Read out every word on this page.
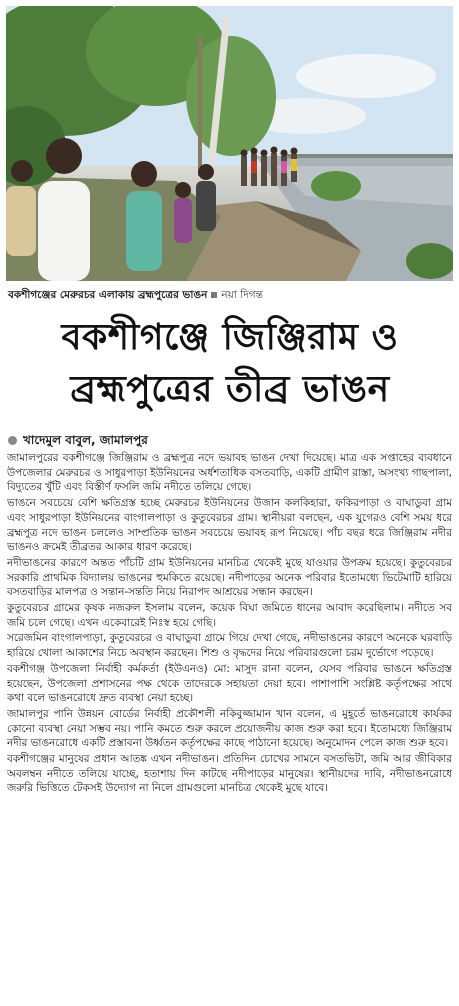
বকশীগঞ্জের মেরুরচর এলাকায় ব্রহ্মপুত্রের ভাঙন নয়া দিগন্ত
বকশীগঞ্জে জিঞ্জিরাম ও
ব্রহ্মপুত্রের তীব্র ভাঙন
খাদেমুল বাবুল, জামালপুর

জামালপুরের বকশীগঞ্জে জিঞ্জিরাম ও ব্রহ্মপুত্র নদে ভয়াবহ ভাঙন দেখা দিয়েছে। মাত্র এক সপ্তাহের ব্যবধানে উপজেলার মেরুরচর ও সাধুরপাড়া ইউনিয়নের অর্ধশতাধিক বসতবাড়ি, একটি গ্রামীণ রাস্তা, অসংখ্য গাছপালা, বিদ্যুতের খুঁটি এবং বিস্তীর্ণ ফসলি জমি নদীতে তলিয়ে গেছে।

ভাঙনে সবচেয়ে বেশি ক্ষতিগ্রস্ত হচ্ছে মেরুরচর ইউনিয়নের উজান কলকিহারা, ফকিরপাড়া ও বাঘাডুবা গ্রাম এবং সাধুরপাড়া ইউনিয়নের বাংগালপাড়া ও কুতুবেরচর গ্রাম। স্থানীয়রা বলছেন, এক যুগেরও বেশি সময় ধরে ব্রহ্মপুত্র নদে ভাঙন চললেও সাম্প্রতিক ভাঙন সবচেয়ে ভয়াবহ রূপ নিয়েছে। পাঁচ বছর ধরে জিঞ্জিরাম নদীর ভাঙনও ক্রমেই তীব্রতর আকার ধারণ করেছে।

নদীভাঙনের কারণে অন্তত পাঁচটি গ্রাম ইউনিয়নের মানচিত্র থেকেই মুছে যাওয়ার উপক্রম হয়েছে। কুতুবেরচর সরকারি প্রাথমিক বিদ্যালয় ভাঙনের হুমকিতে রয়েছে। নদীপাড়ের অনেক পরিবার ইতোমধ্যে ভিটেমাটি হারিয়ে বসতবাড়ির মালপত্র ও সন্তান-সন্ততি নিয়ে নিরাপদ আশ্রয়ের সন্ধান করছেন।

কুতুবেরচর গ্রামের কৃষক নজরুল ইসলাম বলেন, কয়েক বিঘা জমিতে ধানের আবাদ করেছিলাম। নদীতে সব জমি চলে গেছে। এখন একেবারেই নিঃস্ব হয়ে গেছি।

সরেজমিন বাংগালপাড়া, কুতুবেরচর ও বাঘাডুবা গ্রামে গিয়ে দেখা গেছে, নদীভাঙনের কারণে অনেকে ঘরবাড়ি হারিয়ে খোলা আকাশের নিচে অবস্থান করছেন। শিশু ও বৃদ্ধদের নিয়ে পরিবারগুলো চরম দুর্ভোগে পড়েছে।

বকশীগঞ্জ উপজেলা নির্বাহী কর্মকর্তা (ইউএনও) মো: মাসুদ রানা বলেন, যেসব পরিবার ভাঙনে ক্ষতিগ্রস্ত হয়েছেন, উপজেলা প্রশাসনের পক্ষ থেকে তাদেরকে সহায়তা দেয়া হবে। পাশাপাশি সংশ্লিষ্ট কর্তৃপক্ষের সাথে কথা বলে ভাঙনরোধে দ্রুত ব্যবস্থা নেয়া হচ্ছে।

জামালপুর পানি উন্নয়ন বোর্ডের নির্বাহী প্রকৌশলী নকিবুজ্জামান খান বলেন, এ মুহূর্তে ভাঙনরোধে কার্যকর কোনো ব্যবস্থা নেয়া সম্ভব নয়। পানি কমতে শুরু করলে প্রয়োজনীয় কাজ শুরু করা হবে। ইতোমধ্যে জিঞ্জিরাম নদীর ভাঙনরোধে একটি প্রস্তাবনা উর্ধ্বতন কর্তৃপক্ষের কাছে পাঠানো হয়েছে। অনুমোদন পেলে কাজ শুরু হবে।

বকশীগঞ্জের মানুষের প্রধান আতঙ্ক এখন নদীভাঙন। প্রতিদিন চোখের সামনে বসতভিটা, জমি আর জীবিকার অবলম্বন নদীতে তলিয়ে যাচ্ছে, হতাশায় দিন কাটছে নদীপাড়ের মানুষের। স্থানীয়দের দাবি, নদীভাঙনরোধে জরুরি ভিত্তিতে টেকসই উদ্যোগ না নিলে গ্রামগুলো মানচিত্র থেকেই মুছে যাবে।
